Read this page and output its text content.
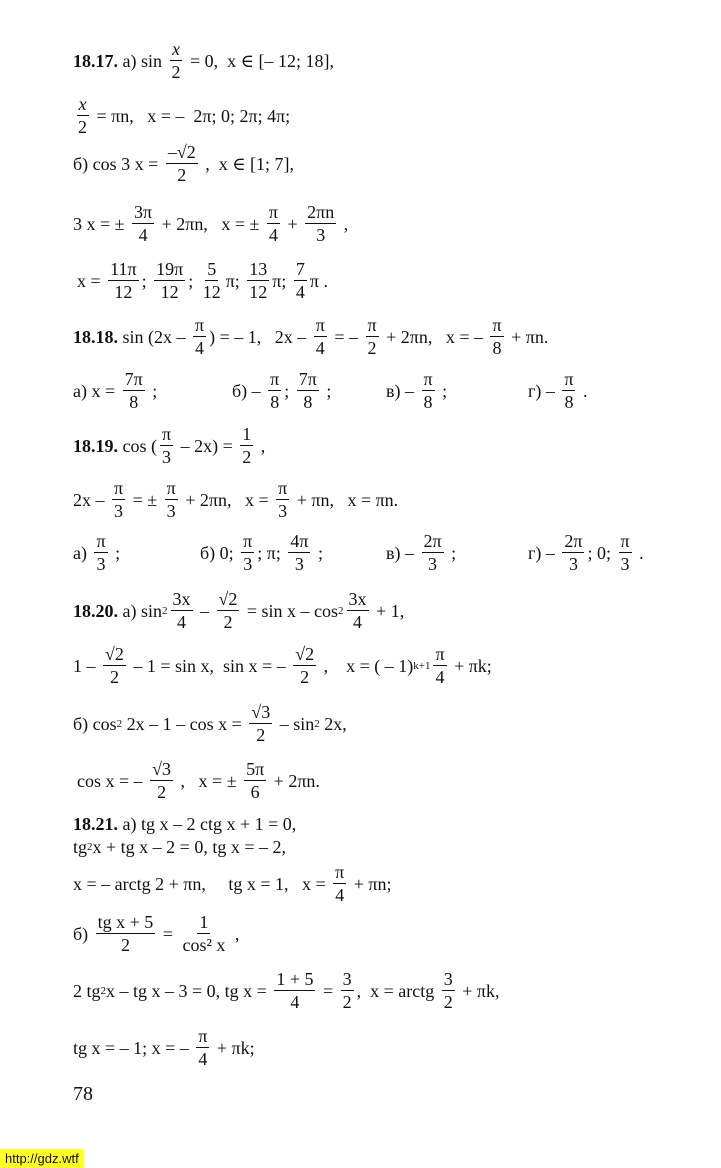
18.17. а) $\sin \frac{x}{2} = 0$,  x ∈ [– 12; 18],
$\frac{x}{2} = \pi n$,   x = –  2π; 0; 2π; 4π;
б) cos 3 $x = \frac{-√2}{2}$ ,  x ∈ [1; 7],
3 x = ± $\frac{3\pi}{4} + 2\pi n$,   x = ± $\frac{\pi}{4} + \frac{2\pi n}{3}$ ,
$x = \frac{11\pi}{12}$ ;
19π
12
;
5
12
π;
13
12
π;
7
4
π .
18.18. sin (2x –
π
4
) = – 1,   $2x - \frac{\pi}{4}$ = –
π
2
+ 2πn,   x = –
π
8
+ πn.
а) $x = \frac{7\pi}{8}$ ;	б) –
π
8
;
7π
8
;	в) –
π
8
;	г) –
π
8
.
18.19. cos (
π
3
– $2x) = \frac{1}{2}$ ,
$2x - \frac{\pi}{3}$ = ± $\frac{\pi}{3} + 2\pi n$,   $x = \frac{\pi}{3} + \pi n$,   x = πn.
а)
π
3
;	б) 0;
π
3
; π;
4π
3
;	в) –
2π
3
;	г) –
2π
3
; 0;
π
3
.
18.20. а) sin 2
3x
4
– $\frac{√2}{2} = \sin x - \cos 2$
3x
4
+ 1,
1 –
√2
2
– 1 = sin x,  sin x = –
√2
2
,    x = ( – 1) k+1
π
4
+ πk;
б) cos 2 $2x - 1 - \cos x = \frac{√3}{2} - \sin 2$ 2x,
cos x = –
√3
2
,   x = ± $\frac{5\pi}{6} + 2\pi n$.
18.21. а) tg x – 2 ctg x + 1 = 0,
tg 2 x + tg x – 2 = 0, tg x = – 2,
x = – arctg 2 + πn,     tg x = 1,   $x = \frac{\pi}{4} + \pi n$;
$б) \frac{\text{tg x + 5}}{2} = \frac{1}{\text{cos² x}}$ ,
2 tg 2 x – tg x – 3 = 0, tg $x = \frac{1 + 5}{4} = \frac{3}{2}$ ,  x = arctg
3
2
+ πk,
tg x = – 1; x = –
π
4
+ πk;
78
http://gdz.wtf
